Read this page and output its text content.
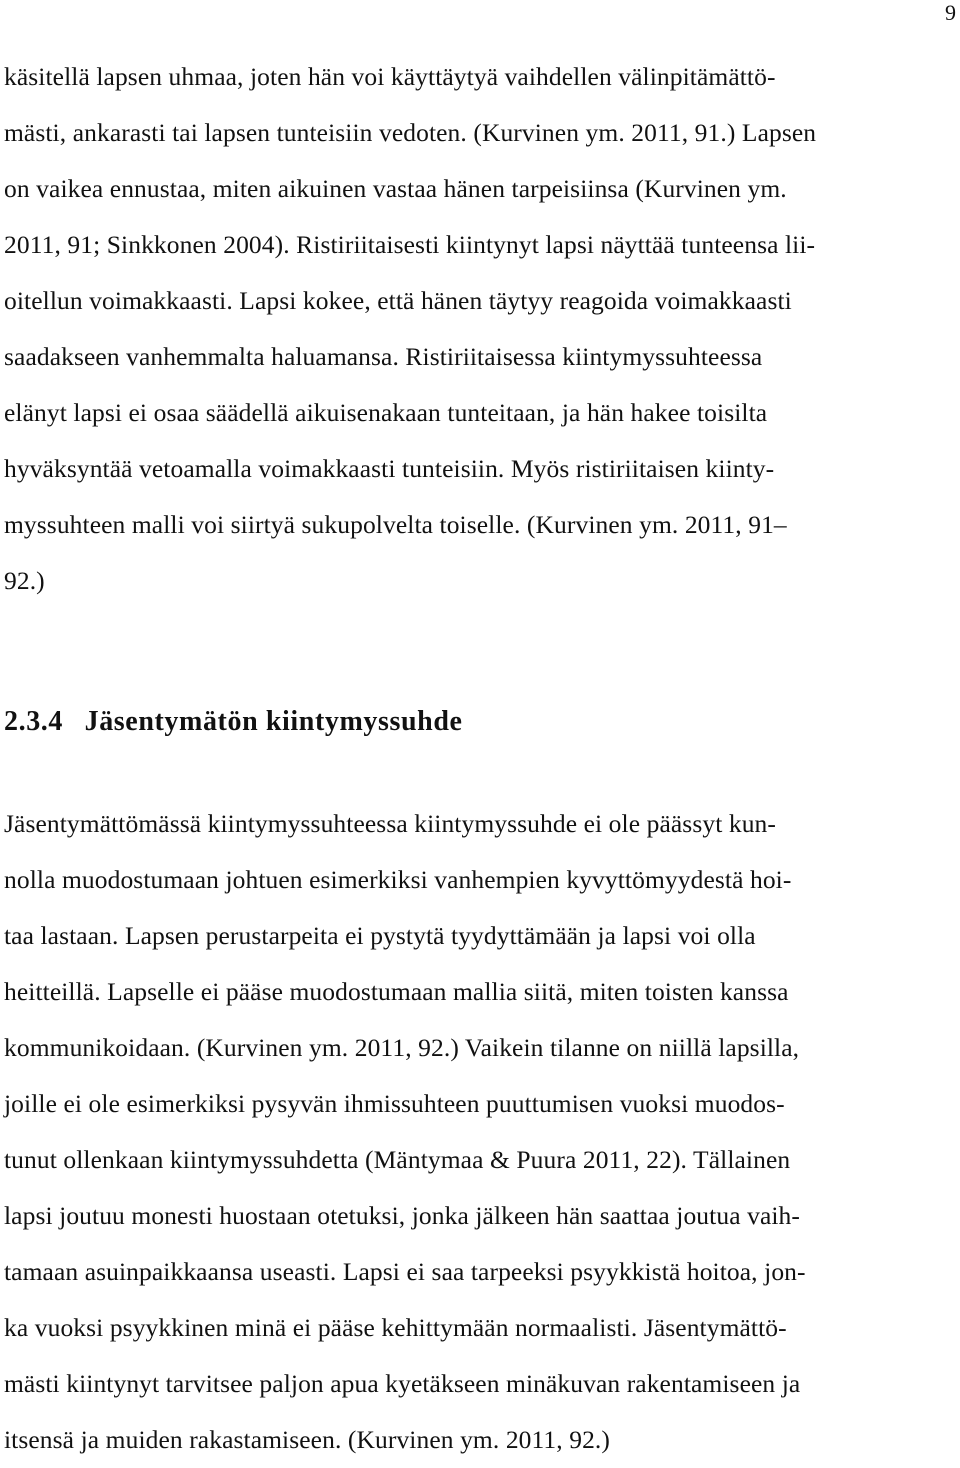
9
käsitellä lapsen uhmaa, joten hän voi käyttäytyä vaihdellen välinpitämättö-
mästi, ankarasti tai lapsen tunteisiin vedoten. (Kurvinen ym. 2011, 91.) Lapsen
on vaikea ennustaa, miten aikuinen vastaa hänen tarpeisiinsa (Kurvinen ym.
2011, 91; Sinkkonen 2004). Ristiriitaisesti kiintynyt lapsi näyttää tunteensa lii-
oitellun voimakkaasti. Lapsi kokee, että hänen täytyy reagoida voimakkaasti
saadakseen vanhemmalta haluamansa. Ristiriitaisessa kiintymyssuhteessa
elänyt lapsi ei osaa säädellä aikuisenakaan tunteitaan, ja hän hakee toisilta
hyväksyntää vetoamalla voimakkaasti tunteisiin. Myös ristiriitaisen kiinty-
myssuhteen malli voi siirtyä sukupolvelta toiselle. (Kurvinen ym. 2011, 91–
92.)
2.3.4 Jäsentymätön kiintymyssuhde
Jäsentymättömässä kiintymyssuhteessa kiintymyssuhde ei ole päässyt kun-
nolla muodostumaan johtuen esimerkiksi vanhempien kyvyttömyydestä hoi-
taa lastaan. Lapsen perustarpeita ei pystytä tyydyttämään ja lapsi voi olla
heitteillä. Lapselle ei pääse muodostumaan mallia siitä, miten toisten kanssa
kommunikoidaan. (Kurvinen ym. 2011, 92.) Vaikein tilanne on niillä lapsilla,
joille ei ole esimerkiksi pysyvän ihmissuhteen puuttumisen vuoksi muodos-
tunut ollenkaan kiintymyssuhdetta (Mäntymaa & Puura 2011, 22). Tällainen
lapsi joutuu monesti huostaan otetuksi, jonka jälkeen hän saattaa joutua vaih-
tamaan asuinpaikkaansa useasti. Lapsi ei saa tarpeeksi psyykkistä hoitoa, jon-
ka vuoksi psyykkinen minä ei pääse kehittymään normaalisti. Jäsentymättö-
mästi kiintynyt tarvitsee paljon apua kyetäkseen minäkuvan rakentamiseen ja
itsensä ja muiden rakastamiseen. (Kurvinen ym. 2011, 92.)
